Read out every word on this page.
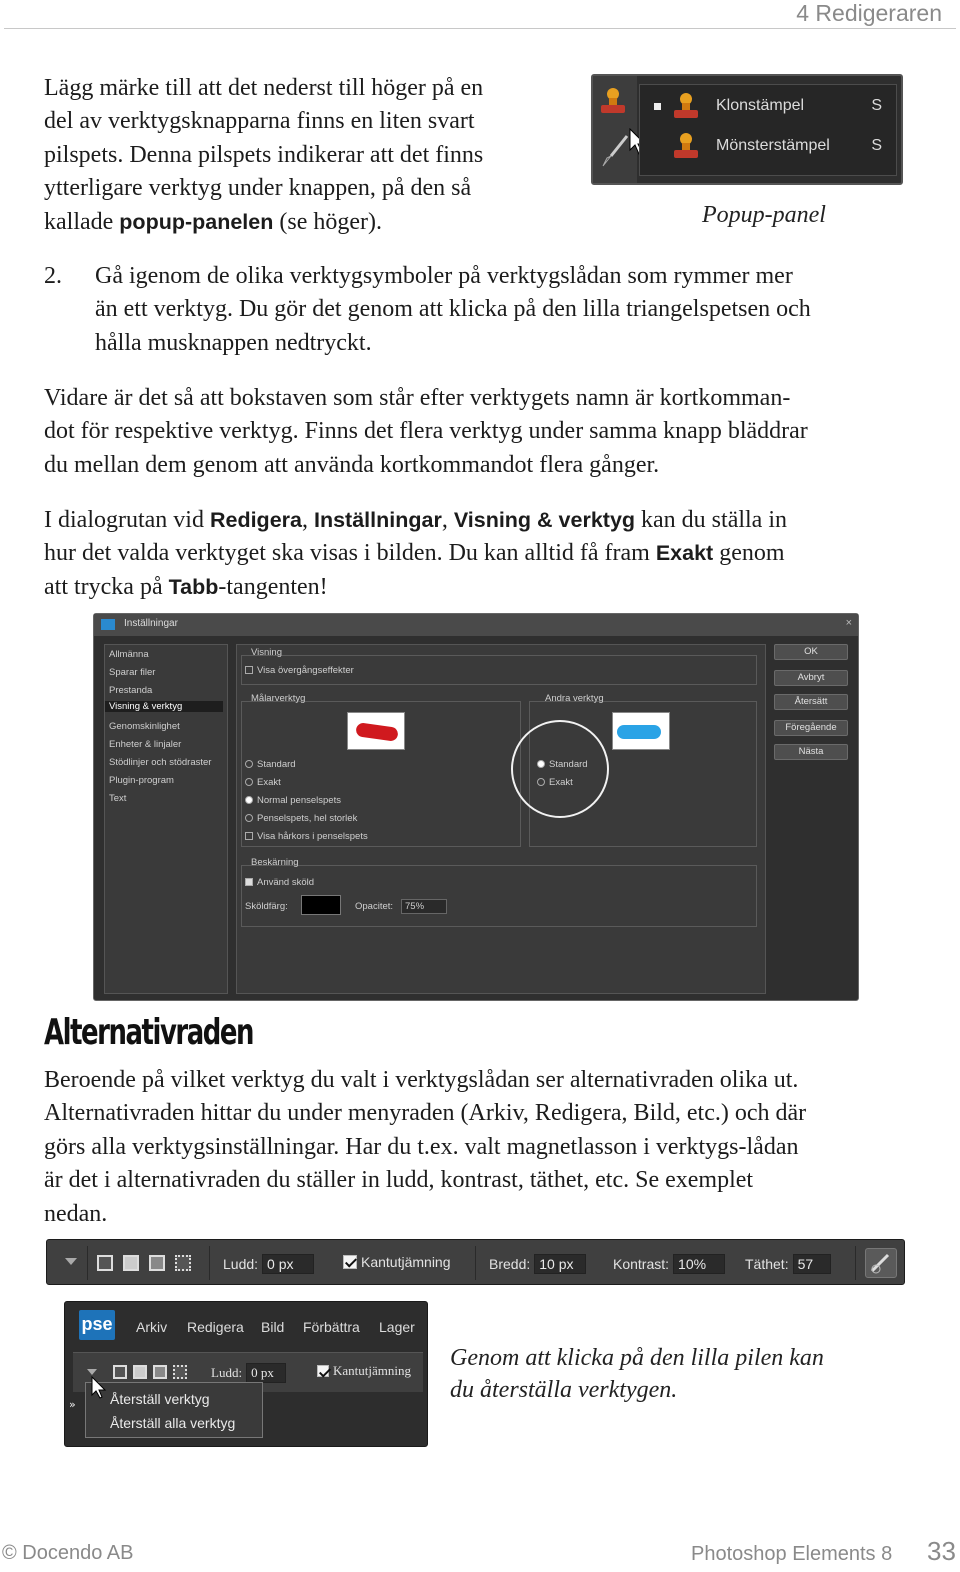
4 Redigeraren
Lägg märke till att det nederst till höger på en
del av verktygsknapparna finns en liten svart
pilspets. Denna pilspets indikerar att det finns
ytterligare verktyg under knappen, på den så
kallade popup-panelen (se höger).
Klonstämpel	S
Mönsterstämpel	S
Popup-panel
2. Gå igenom de olika verktygsymboler på verktygslådan som rymmer mer
än ett verktyg. Du gör det genom att klicka på den lilla triangelspetsen och
hålla musknappen nedtryckt.
Vidare är det så att bokstaven som står efter verktygets namn är kortkomman-
dot för respektive verktyg. Finns det flera verktyg under samma knapp bläddrar
du mellan dem genom att använda kortkommandot flera gånger.
I dialogrutan vid Redigera, Inställningar, Visning & verktyg kan du ställa in
hur det valda verktyget ska visas i bilden. Du kan alltid få fram Exakt genom
att trycka på Tabb-tangenten!
Inställningar	×
Allmänna
Sparar filer
Prestanda
Visning & verktyg
Genomskinlighet
Enheter & linjaler
Stödlinjer och stödraster
Plugin-program
Text
Visning
Visa övergångseffekter
Målarverktyg
Standard
Exakt
Normal penselspets
Penselspets, hel storlek
Visa hårkors i penselspets
Andra verktyg
Standard
Exakt
Beskärning
Använd sköld
Sköldfärg:	Opacitet:	75%
OK
Avbryt
Återsätt
Föregående
Nästa
Alternativraden
Beroende på vilket verktyg du valt i verktygslådan ser alternativraden olika ut.
Alternativraden hittar du under menyraden (Arkiv, Redigera, Bild, etc.) och där
görs alla verktygsinställningar. Har du t.ex. valt magnetlasson i verktygs-lådan
är det i alternativraden du ställer in ludd, kontrast, täthet, etc. Se exemplet
nedan.
Ludd: 0 px	Kantutjämning	Bredd: 10 px	Kontrast: 10%	Täthet: 57
pse Arkiv Redigera Bild Förbättra Lager
Ludd: 0 px	Kantutjämning
» Återställ verktyg
Återställ alla verktyg
Genom att klicka på den lilla pilen kan
du återställa verktygen.
© Docendo AB	Photoshop Elements 8 33
